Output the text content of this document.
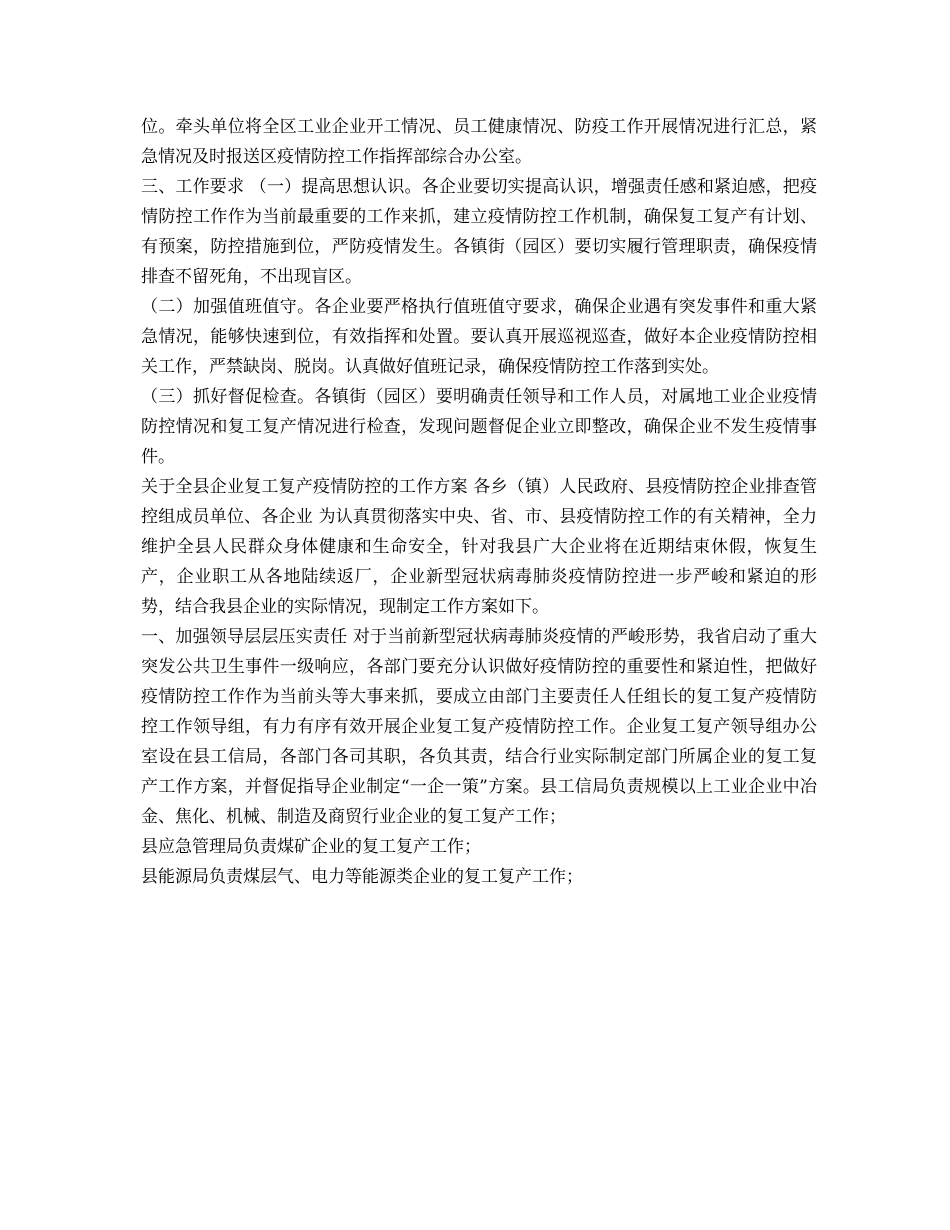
位。牵头单位将全区工业企业开工情况、员工健康情况、防疫工作开展情况进行汇总，紧急情况及时报送区疫情防控工作指挥部综合办公室。

三、工作要求 （一）提高思想认识。各企业要切实提高认识，增强责任感和紧迫感，把疫情防控工作作为当前最重要的工作来抓，建立疫情防控工作机制，确保复工复产有计划、有预案，防控措施到位，严防疫情发生。各镇街（园区）要切实履行管理职责，确保疫情排查不留死角，不出现盲区。

（二）加强值班值守。各企业要严格执行值班值守要求，确保企业遇有突发事件和重大紧急情况，能够快速到位，有效指挥和处置。要认真开展巡视巡查，做好本企业疫情防控相关工作，严禁缺岗、脱岗。认真做好值班记录，确保疫情防控工作落到实处。

（三）抓好督促检查。各镇街（园区）要明确责任领导和工作人员，对属地工业企业疫情防控情况和复工复产情况进行检查，发现问题督促企业立即整改，确保企业不发生疫情事件。

关于全县企业复工复产疫情防控的工作方案 各乡（镇）人民政府、县疫情防控企业排查管控组成员单位、各企业 为认真贯彻落实中央、省、市、县疫情防控工作的有关精神，全力维护全县人民群众身体健康和生命安全，针对我县广大企业将在近期结束休假，恢复生产，企业职工从各地陆续返厂，企业新型冠状病毒肺炎疫情防控进一步严峻和紧迫的形势，结合我县企业的实际情况，现制定工作方案如下。

一、加强领导层层压实责任 对于当前新型冠状病毒肺炎疫情的严峻形势，我省启动了重大突发公共卫生事件一级响应，各部门要充分认识做好疫情防控的重要性和紧迫性，把做好疫情防控工作作为当前头等大事来抓，要成立由部门主要责任人任组长的复工复产疫情防控工作领导组，有力有序有效开展企业复工复产疫情防控工作。企业复工复产领导组办公室设在县工信局，各部门各司其职，各负其责，结合行业实际制定部门所属企业的复工复产工作方案，并督促指导企业制定“一企一策”方案。县工信局负责规模以上工业企业中冶金、焦化、机械、制造及商贸行业企业的复工复产工作；

县应急管理局负责煤矿企业的复工复产工作；

县能源局负责煤层气、电力等能源类企业的复工复产工作；
